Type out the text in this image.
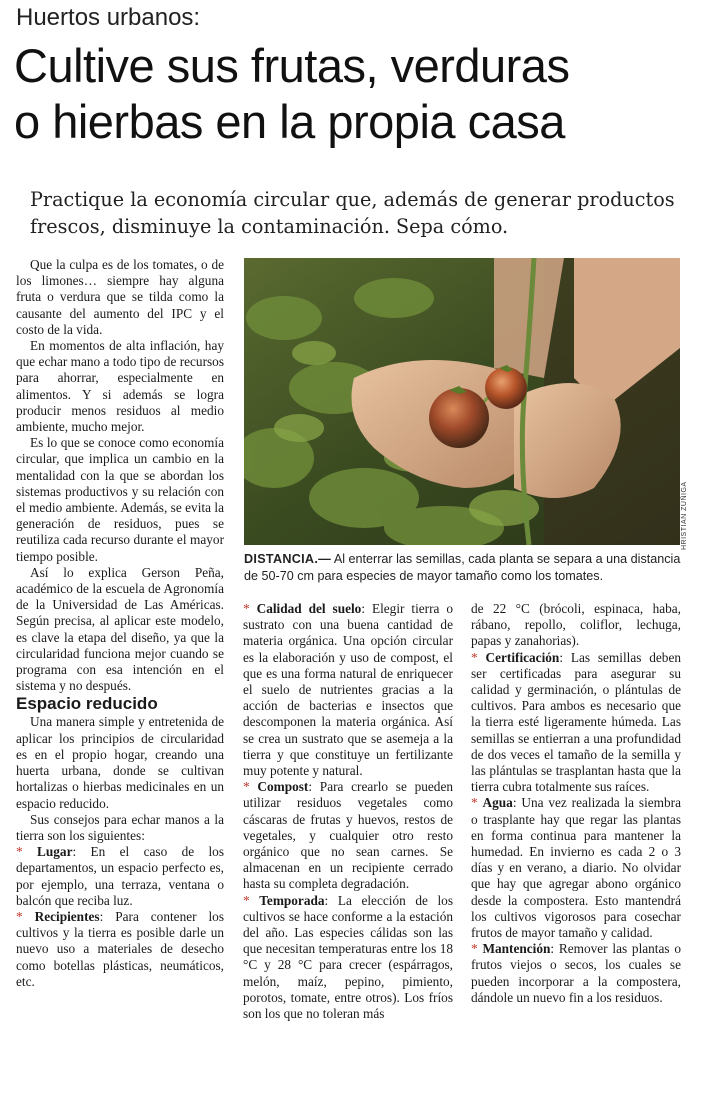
Huertos urbanos:
Cultive sus frutas, verduras
o hierbas en la propia casa
Practique la economía circular que, además de generar productos frescos, disminuye la contaminación. Sepa cómo.

Que la culpa es de los tomates, o de los limones… siempre hay alguna fruta o verdura que se tilda como la causante del aumento del IPC y el costo de la vida.

En momentos de alta inflación, hay que echar mano a todo tipo de recursos para ahorrar, especialmente en alimentos. Y si además se logra producir menos residuos al medio ambiente, mucho mejor.

Es lo que se conoce como economía circular, que implica un cambio en la mentalidad con la que se abordan los sistemas productivos y su relación con el medio ambiente. Además, se evita la generación de residuos, pues se reutiliza cada recurso durante el mayor tiempo posible.

Así lo explica Gerson Peña, académico de la escuela de Agronomía de la Universidad de Las Américas. Según precisa, al aplicar este modelo, es clave la etapa del diseño, ya que la circularidad funciona mejor cuando se programa con esa intención en el sistema y no después.

Espacio reducido

Una manera simple y entretenida de aplicar los principios de circularidad es en el propio hogar, creando una huerta urbana, donde se cultivan hortalizas o hierbas medicinales en un espacio reducido.

Sus consejos para echar manos a la tierra son los siguientes:

* Lugar: En el caso de los departamentos, un espacio perfecto es, por ejemplo, una terraza, ventana o balcón que reciba luz.

* Recipientes: Para contener los cultivos y la tierra es posible darle un nuevo uso a materiales de desecho como botellas plásticas, neumáticos, etc.

HRISTIAN ZÚÑIGA
DISTANCIA.— Al enterrar las semillas, cada planta se separa a una distancia de 50-70 cm para especies de mayor tamaño como los tomates.

* Calidad del suelo: Elegir tierra o sustrato con una buena cantidad de materia orgánica. Una opción circular es la elaboración y uso de compost, el que es una forma natural de enriquecer el suelo de nutrientes gracias a la acción de bacterias e insectos que descomponen la materia orgánica. Así se crea un sustrato que se asemeja a la tierra y que constituye un fertilizante muy potente y natural.

* Compost: Para crearlo se pueden utilizar residuos vegetales como cáscaras de frutas y huevos, restos de vegetales, y cualquier otro resto orgánico que no sean carnes. Se almacenan en un recipiente cerrado hasta su completa degradación.

* Temporada: La elección de los cultivos se hace conforme a la estación del año. Las especies cálidas son las que necesitan temperaturas entre los 18 °C y 28 °C para crecer (espárragos, melón, maíz, pepino, pimiento, porotos, tomate, entre otros). Los fríos son los que no toleran más

de 22 °C (brócoli, espinaca, haba, rábano, repollo, coliflor, lechuga, papas y zanahorias).

* Certificación: Las semillas deben ser certificadas para asegurar su calidad y germinación, o plántulas de cultivos. Para ambos es necesario que la tierra esté ligeramente húmeda. Las semillas se entierran a una profundidad de dos veces el tamaño de la semilla y las plántulas se trasplantan hasta que la tierra cubra totalmente sus raíces.

* Agua: Una vez realizada la siembra o trasplante hay que regar las plantas en forma continua para mantener la humedad. En invierno es cada 2 o 3 días y en verano, a diario. No olvidar que hay que agregar abono orgánico desde la compostera. Esto mantendrá los cultivos vigorosos para cosechar frutos de mayor tamaño y calidad.

* Mantención: Remover las plantas o frutos viejos o secos, los cuales se pueden incorporar a la compostera, dándole un nuevo fin a los residuos.
